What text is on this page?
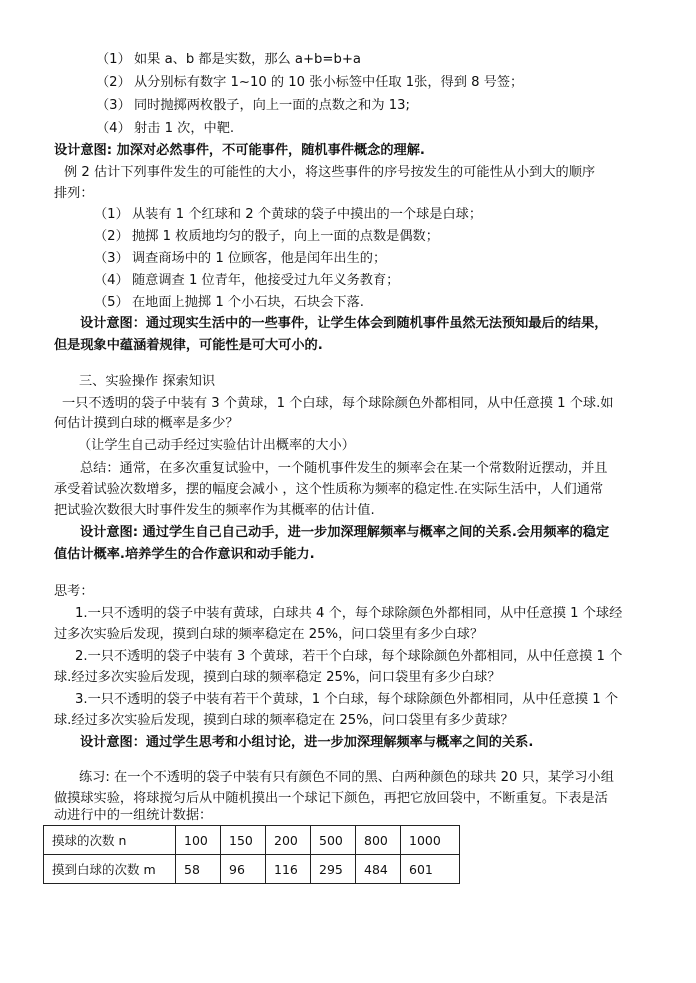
（1） 如果 a、b 都是实数，那么 a+b=b+a
（2） 从分别标有数字 1~10 的 10 张小标签中任取 1张，得到 8 号签；
（3） 同时抛掷两枚骰子，向上一面的点数之和为 13;
（4） 射击 1 次，中靶.
设计意图: 加深对必然事件，不可能事件，随机事件概念的理解.
例 2 估计下列事件发生的可能性的大小，将这些事件的序号按发生的可能性从小到大的顺序
排列：
（1） 从装有 1 个红球和 2 个黄球的袋子中摸出的一个球是白球；
（2） 抛掷 1 枚质地均匀的骰子，向上一面的点数是偶数；
（3） 调查商场中的 1 位顾客，他是闰年出生的；
（4） 随意调查 1 位青年，他接受过九年义务教育；
（5） 在地面上抛掷 1 个小石块，石块会下落.
设计意图：通过现实生活中的一些事件，让学生体会到随机事件虽然无法预知最后的结果，
但是现象中蕴涵着规律，可能性是可大可小的.
三、实验操作 探索知识
一只不透明的袋子中装有 3 个黄球，1 个白球，每个球除颜色外都相同，从中任意摸 1 个球.如
何估计摸到白球的概率是多少？
（让学生自己动手经过实验估计出概率的大小）
总结：通常，在多次重复试验中，一个随机事件发生的频率会在某一个常数附近摆动，并且
承受着试验次数增多，摆的幅度会减小 ，这个性质称为频率的稳定性.在实际生活中，人们通常
把试验次数很大时事件发生的频率作为其概率的估计值.
设计意图: 通过学生自己自己动手，进一步加深理解频率与概率之间的关系.会用频率的稳定
值估计概率.培养学生的合作意识和动手能力.
思考：
1.一只不透明的袋子中装有黄球，白球共 4 个，每个球除颜色外都相同，从中任意摸 1 个球经
过多次实验后发现，摸到白球的频率稳定在 25%，问口袋里有多少白球？
2.一只不透明的袋子中装有 3 个黄球，若干个白球，每个球除颜色外都相同，从中任意摸 1 个
球.经过多次实验后发现，摸到白球的频率稳定 25%，问口袋里有多少白球？
3.一只不透明的袋子中装有若干个黄球，1 个白球，每个球除颜色外都相同，从中任意摸 1 个
球.经过多次实验后发现，摸到白球的频率稳定在 25%，问口袋里有多少黄球？
设计意图：通过学生思考和小组讨论，进一步加深理解频率与概率之间的关系.
练习: 在一个不透明的袋子中装有只有颜色不同的黑、白两种颜色的球共 20 只，某学习小组
做摸球实验，将球搅匀后从中随机摸出一个球记下颜色，再把它放回袋中，不断重复。下表是活
动进行中的一组统计数据：
摸球的次数 n	100	150	200	500	800	1000
摸到白球的次数 m	58	96	116	295	484	601
